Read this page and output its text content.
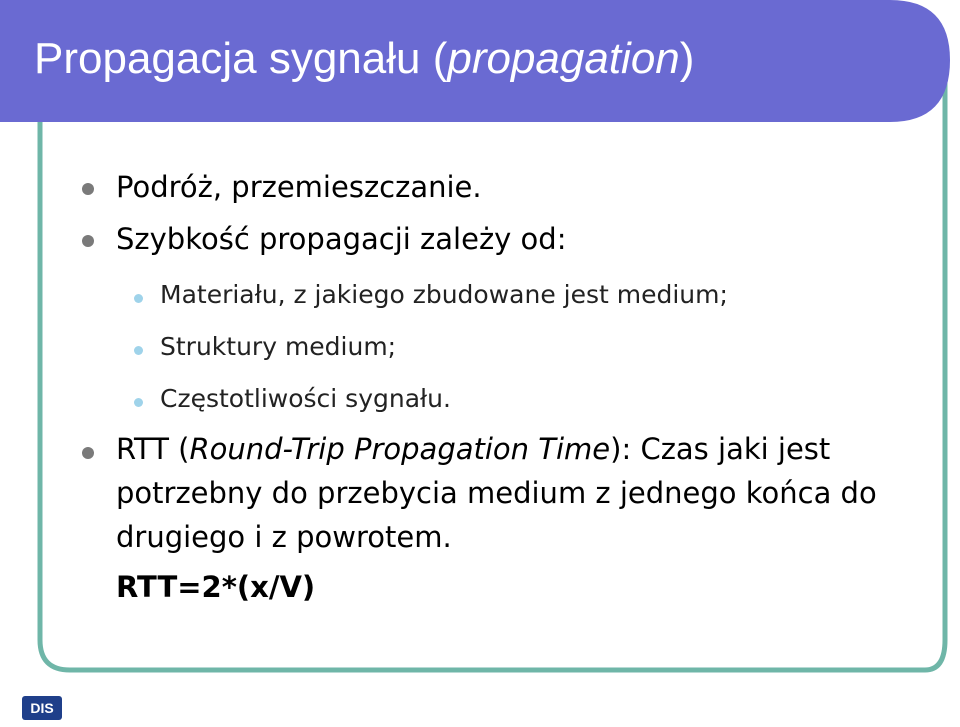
Propagacja sygnału (propagation)
Podróż, przemieszczanie.
Szybkość propagacji zależy od:
Materiału, z jakiego zbudowane jest medium;
Struktury medium;
Częstotliwości sygnału.
RTT (Round-Trip Propagation Time): Czas jaki jest
potrzebny do przebycia medium z jednego końca do
drugiego i z powrotem.
RTT=2*(x/V)
DIS
